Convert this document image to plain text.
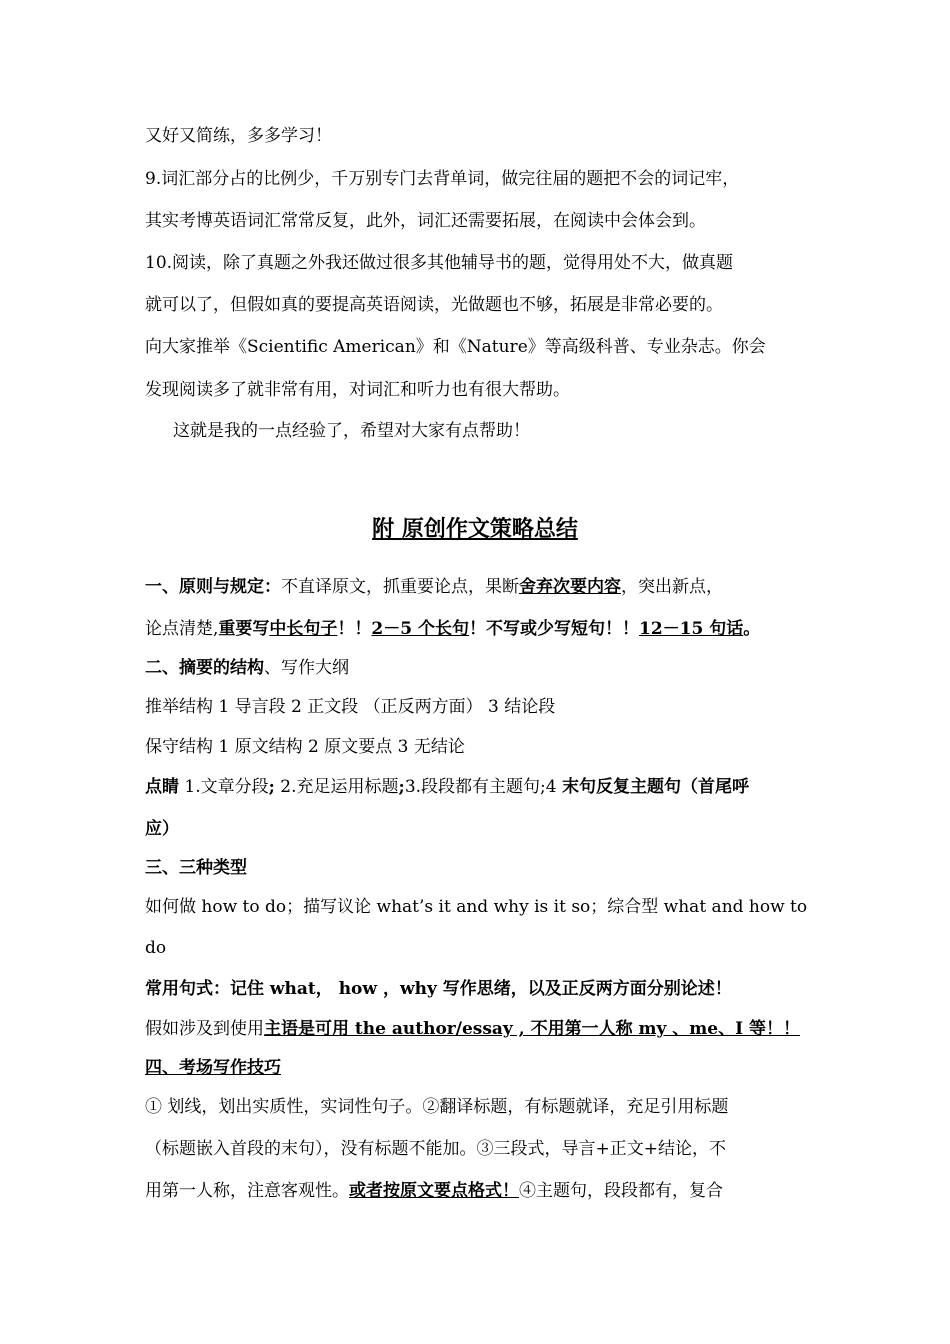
又好又简练，多多学习！
9.词汇部分占的比例少，千万别专门去背单词，做完往届的题把不会的词记牢，
其实考博英语词汇常常反复，此外，词汇还需要拓展，在阅读中会体会到。
10.阅读，除了真题之外我还做过很多其他辅导书的题，觉得用处不大，做真题
就可以了，但假如真的要提高英语阅读，光做题也不够，拓展是非常必要的。
向大家推举《Scientific American》和《Nature》等高级科普、专业杂志。你会
发现阅读多了就非常有用，对词汇和听力也有很大帮助。
这就是我的一点经验了，希望对大家有点帮助！
附 原创作文策略总结
一、原则与规定：不直译原文，抓重要论点，果断舍弃次要内容，突出新点，
论点清楚,重要写中长句子！！2－5 个长句！不写或少写短句！！12－15 句话。
二、摘要的结构、写作大纲
推举结构 1 导言段 2 正文段 （正反两方面） 3 结论段
保守结构 1 原文结构 2 原文要点 3 无结论
点睛 1.文章分段; 2.充足运用标题;3.段段都有主题句;4 末句反复主题句（首尾呼
应）
三、三种类型
如何做 how to do；描写议论 what’s it and why is it so；综合型 what and how to
do
常用句式：记住 what， how ，why 写作思绪，以及正反两方面分别论述！
假如涉及到使用主语是可用 the author/essay , 不用第一人称 my 、me、I 等！！
四、考场写作技巧
① 划线，划出实质性，实词性句子。②翻译标题，有标题就译，充足引用标题
（标题嵌入首段的末句），没有标题不能加。③三段式，导言+正文+结论，不
用第一人称，注意客观性。或者按原文要点格式！④主题句，段段都有，复合
